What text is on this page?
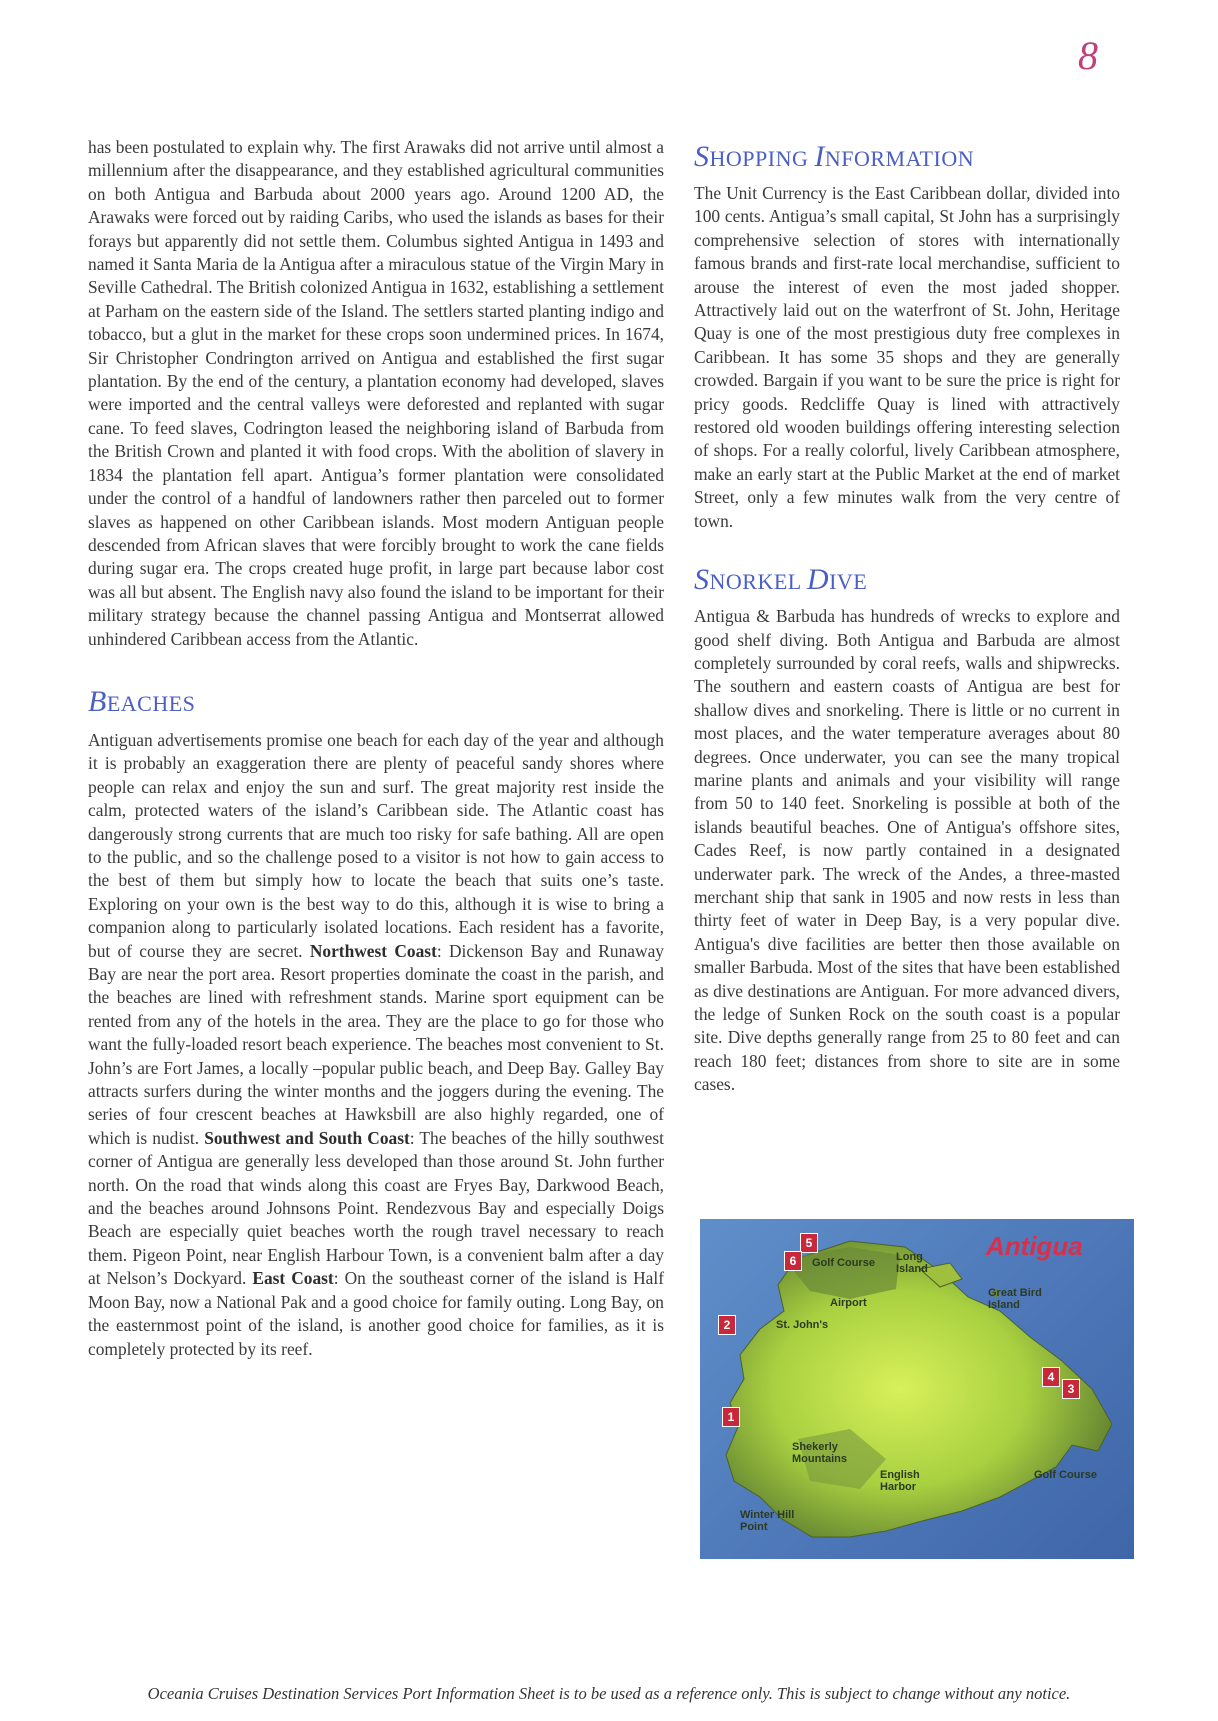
8

has been postulated to explain why. The first Arawaks did not arrive until almost a millennium after the disappearance, and they established agricultural communities on both Antigua and Barbuda about 2000 years ago. Around 1200 AD, the Arawaks were forced out by raiding Caribs, who used the islands as bases for their forays but apparently did not settle them. Columbus sighted Antigua in 1493 and named it Santa Maria de la Antigua after a miraculous statue of the Virgin Mary in Seville Cathedral. The British colonized Antigua in 1632, establishing a settlement at Parham on the eastern side of the Island. The settlers started planting indigo and tobacco, but a glut in the market for these crops soon undermined prices. In 1674, Sir Christopher Condrington arrived on Antigua and established the first sugar plantation. By the end of the century, a plantation economy had developed, slaves were imported and the central valleys were deforested and replanted with sugar cane. To feed slaves, Codrington leased the neighboring island of Barbuda from the British Crown and planted it with food crops. With the abolition of slavery in 1834 the plantation fell apart. Antigua’s former plantation were consolidated under the control of a handful of landowners rather then parceled out to former slaves as happened on other Caribbean islands. Most modern Antiguan people descended from African slaves that were forcibly brought to work the cane fields during sugar era. The crops created huge profit, in large part because labor cost was all but absent. The English navy also found the island to be important for their military strategy because the channel passing Antigua and Montserrat allowed unhindered Caribbean access from the Atlantic.

BEACHES

Antiguan advertisements promise one beach for each day of the year and although it is probably an exaggeration there are plenty of peaceful sandy shores where people can relax and enjoy the sun and surf. The great majority rest inside the calm, protected waters of the island’s Caribbean side. The Atlantic coast has dangerously strong currents that are much too risky for safe bathing. All are open to the public, and so the challenge posed to a visitor is not how to gain access to the best of them but simply how to locate the beach that suits one’s taste. Exploring on your own is the best way to do this, although it is wise to bring a companion along to particularly isolated locations. Each resident has a favorite, but of course they are secret. Northwest Coast: Dickenson Bay and Runaway Bay are near the port area. Resort properties dominate the coast in the parish, and the beaches are lined with refreshment stands. Marine sport equipment can be rented from any of the hotels in the area. They are the place to go for those who want the fully-loaded resort beach experience. The beaches most convenient to St. John’s are Fort James, a locally –popular public beach, and Deep Bay. Galley Bay attracts surfers during the winter months and the joggers during the evening. The series of four crescent beaches at Hawksbill are also highly regarded, one of which is nudist. Southwest and South Coast: The beaches of the hilly southwest corner of Antigua are generally less developed than those around St. John further north. On the road that winds along this coast are Fryes Bay, Darkwood Beach, and the beaches around Johnsons Point. Rendezvous Bay and especially Doigs Beach are especially quiet beaches worth the rough travel necessary to reach them. Pigeon Point, near English Harbour Town, is a convenient balm after a day at Nelson’s Dockyard. East Coast: On the southeast corner of the island is Half Moon Bay, now a National Pak and a good choice for family outing. Long Bay, on the easternmost point of the island, is another good choice for families, as it is completely protected by its reef.

SHOPPING INFORMATION

The Unit Currency is the East Caribbean dollar, divided into 100 cents. Antigua’s small capital, St John has a surprisingly comprehensive selection of stores with internationally famous brands and first-rate local merchandise, sufficient to arouse the interest of even the most jaded shopper. Attractively laid out on the waterfront of St. John, Heritage Quay is one of the most prestigious duty free complexes in Caribbean. It has some 35 shops and they are generally crowded. Bargain if you want to be sure the price is right for pricy goods. Redcliffe Quay is lined with attractively restored old wooden buildings offering interesting selection of shops. For a really colorful, lively Caribbean atmosphere, make an early start at the Public Market at the end of market Street, only a few minutes walk from the very centre of town.

SNORKEL DIVE

Antigua & Barbuda has hundreds of wrecks to explore and good shelf diving. Both Antigua and Barbuda are almost completely surrounded by coral reefs, walls and shipwrecks. The southern and eastern coasts of Antigua are best for shallow dives and snorkeling. There is little or no current in most places, and the water temperature averages about 80 degrees. Once underwater, you can see the many tropical marine plants and animals and your visibility will range from 50 to 140 feet. Snorkeling is possible at both of the islands beautiful beaches. One of Antigua's offshore sites, Cades Reef, is now partly contained in a designated underwater park. The wreck of the Andes, a three-masted merchant ship that sank in 1905 and now rests in less than thirty feet of water in Deep Bay, is a very popular dive. Antigua's dive facilities are better then those available on smaller Barbuda. Most of the sites that have been established as dive destinations are Antiguan. For more advanced divers, the ledge of Sunken Rock on the south coast is a popular site. Dive depths generally range from 25 to 80 feet and can reach 180 feet; distances from shore to site are in some cases.

Antigua
Golf Course Long Island
Airport
Great Bird Island
St. John's
Shekerly Mountains
English Harbor
Golf Course
Winter Hill Point
5
6
2
4
3
1
Oceania Cruises Destination Services Port Information Sheet is to be used as a reference only. This is subject to change without any notice.
